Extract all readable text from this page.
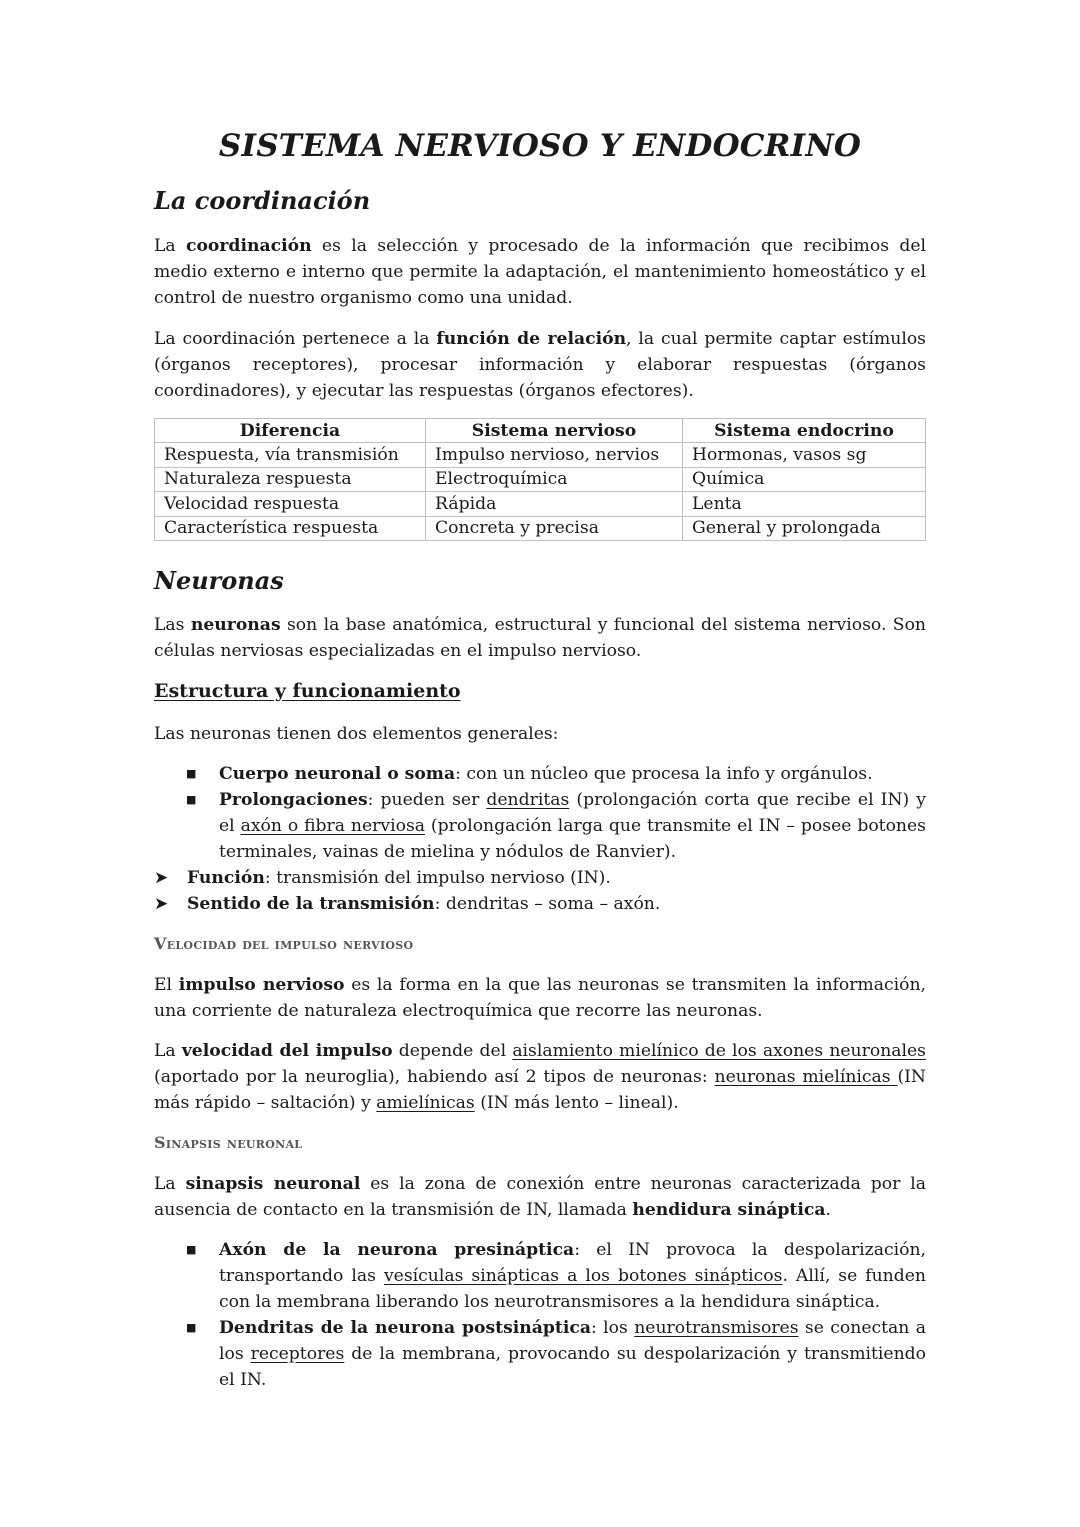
SISTEMA NERVIOSO Y ENDOCRINO
La coordinación

La coordinación es la selección y procesado de la información que recibimos del medio externo e interno que permite la adaptación, el mantenimiento homeostático y el control de nuestro organismo como una unidad.

La coordinación pertenece a la función de relación, la cual permite captar estímulos (órganos receptores), procesar información y elaborar respuestas (órganos coordinadores), y ejecutar las respuestas (órganos efectores).

Diferencia	Sistema nervioso	Sistema endocrino
Respuesta, vía transmisión	Impulso nervioso, nervios	Hormonas, vasos sg
Naturaleza respuesta	Electroquímica	Química
Velocidad respuesta	Rápida	Lenta
Característica respuesta	Concreta y precisa	General y prolongada
Neuronas

Las neuronas son la base anatómica, estructural y funcional del sistema nervioso. Son células nerviosas especializadas en el impulso nervioso.

Estructura y funcionamiento

Las neuronas tienen dos elementos generales:

■ Cuerpo neuronal o soma: con un núcleo que procesa la info y orgánulos.
■ Prolongaciones: pueden ser dendritas (prolongación corta que recibe el IN) y el axón o fibra nerviosa (prolongación larga que transmite el IN – posee botones terminales, vainas de mielina y nódulos de Ranvier).
➤ Función: transmisión del impulso nervioso (IN).
➤ Sentido de la transmisión: dendritas – soma – axón.
Velocidad del impulso nervioso

El impulso nervioso es la forma en la que las neuronas se transmiten la información, una corriente de naturaleza electroquímica que recorre las neuronas.

La velocidad del impulso depende del aislamiento mielínico de los axones neuronales (aportado por la neuroglia), habiendo así 2 tipos de neuronas: neuronas mielínicas (IN más rápido – saltación) y amielínicas (IN más lento – lineal).

Sinapsis neuronal

La sinapsis neuronal es la zona de conexión entre neuronas caracterizada por la ausencia de contacto en la transmisión de IN, llamada hendidura sináptica.

■ Axón de la neurona presináptica: el IN provoca la despolarización, transportando las vesículas sinápticas a los botones sinápticos. Allí, se funden con la membrana liberando los neurotransmisores a la hendidura sináptica.
■ Dendritas de la neurona postsináptica: los neurotransmisores se conectan a los receptores de la membrana, provocando su despolarización y transmitiendo el IN.
